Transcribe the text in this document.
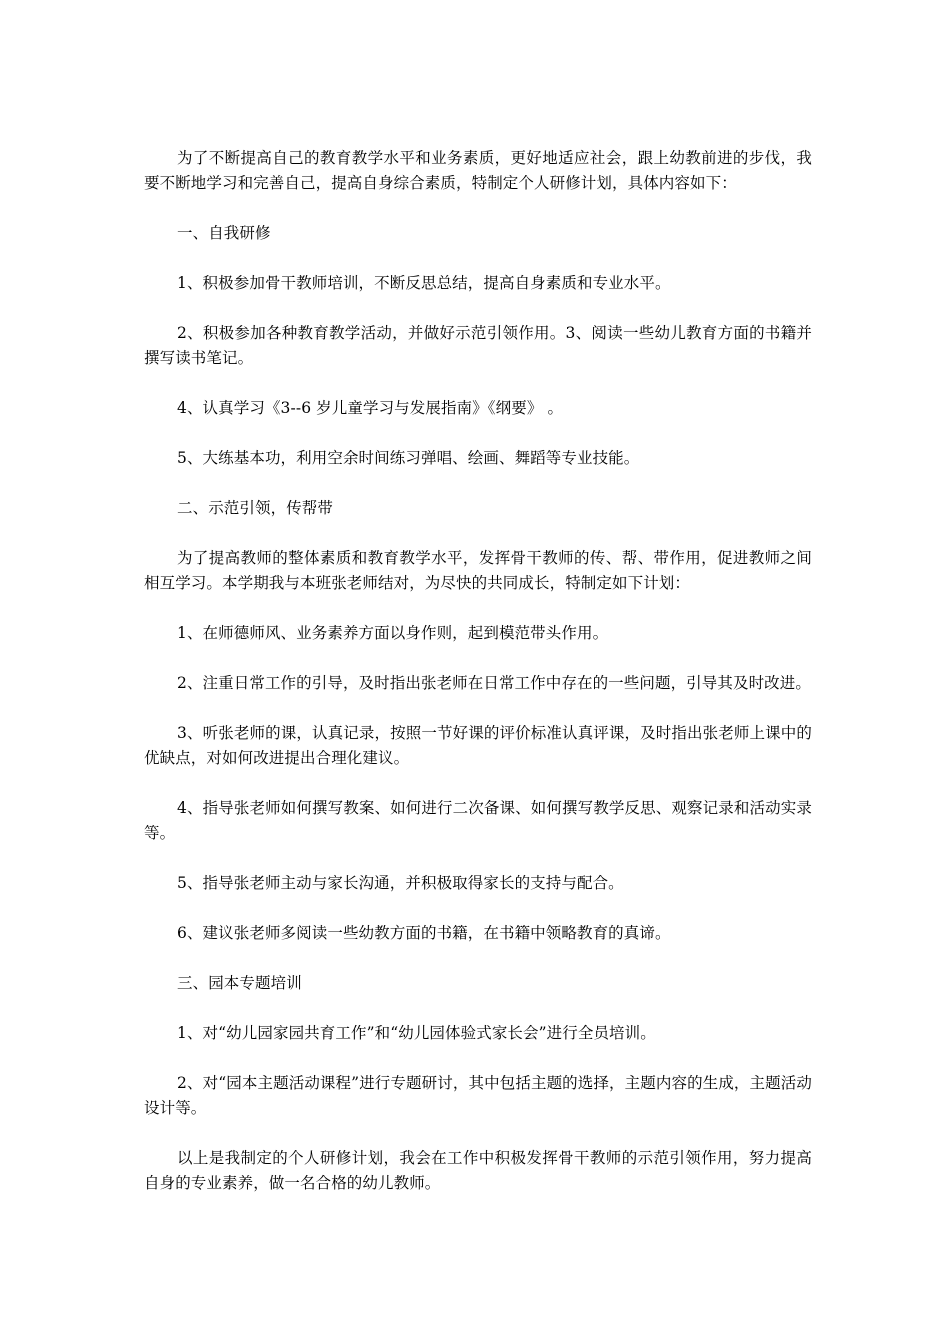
为了不断提高自己的教育教学水平和业务素质，更好地适应社会，跟上幼教前进的步伐，我要不断地学习和完善自己，提高自身综合素质，特制定个人研修计划，具体内容如下：

一、自我研修

1、积极参加骨干教师培训，不断反思总结，提高自身素质和专业水平。

2、积极参加各种教育教学活动，并做好示范引领作用。3、阅读一些幼儿教育方面的书籍并撰写读书笔记。

4、认真学习《3--6 岁儿童学习与发展指南》《纲要》 。

5、大练基本功，利用空余时间练习弹唱、绘画、舞蹈等专业技能。

二、示范引领，传帮带

为了提高教师的整体素质和教育教学水平，发挥骨干教师的传、帮、带作用，促进教师之间相互学习。本学期我与本班张老师结对，为尽快的共同成长，特制定如下计划：

1、在师德师风、业务素养方面以身作则，起到模范带头作用。

2、注重日常工作的引导，及时指出张老师在日常工作中存在的一些问题，引导其及时改进。

3、听张老师的课，认真记录，按照一节好课的评价标准认真评课，及时指出张老师上课中的优缺点，对如何改进提出合理化建议。

4、指导张老师如何撰写教案、如何进行二次备课、如何撰写教学反思、观察记录和活动实录等。

5、指导张老师主动与家长沟通，并积极取得家长的支持与配合。

6、建议张老师多阅读一些幼教方面的书籍，在书籍中领略教育的真谛。

三、园本专题培训

1、对“幼儿园家园共育工作”和“幼儿园体验式家长会”进行全员培训。

2、对“园本主题活动课程”进行专题研讨，其中包括主题的选择，主题内容的生成，主题活动设计等。

以上是我制定的个人研修计划，我会在工作中积极发挥骨干教师的示范引领作用，努力提高自身的专业素养，做一名合格的幼儿教师。
